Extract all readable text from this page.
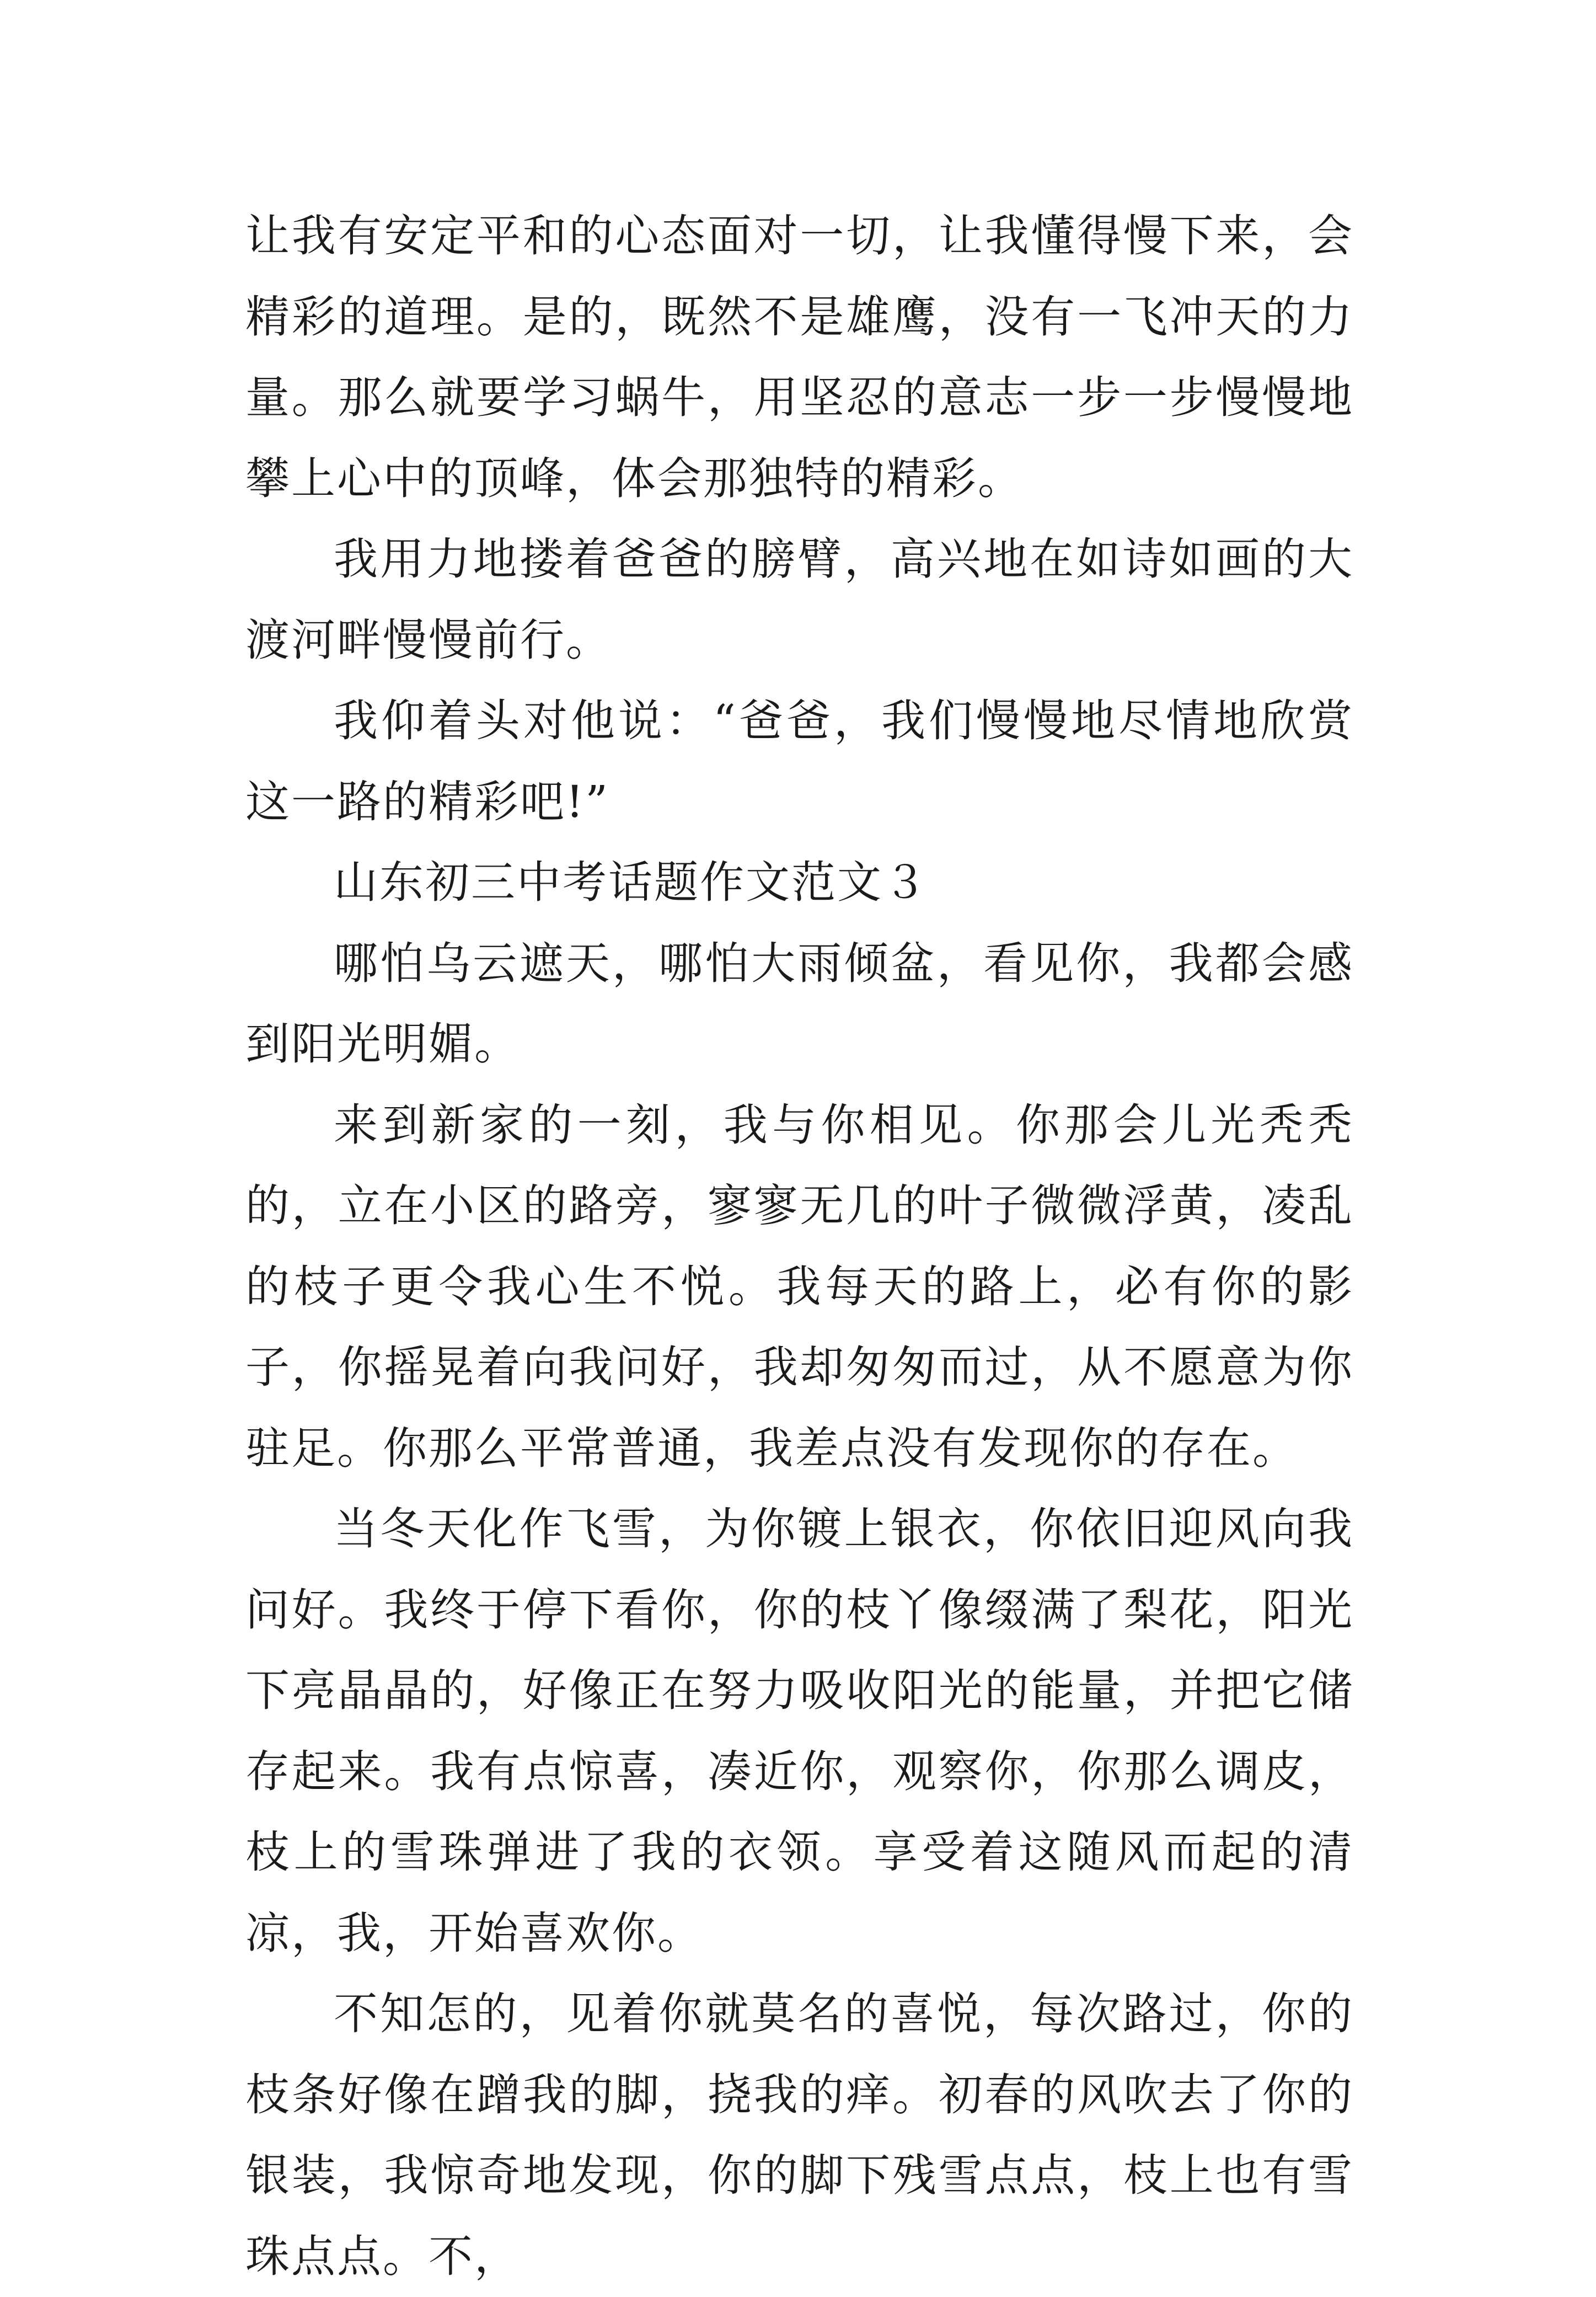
让我有安定平和的心态面对一切，让我懂得慢下来，会精彩的道理。是的，既然不是雄鹰，没有一飞冲天的力量。那么就要学习蜗牛，用坚忍的意志一步一步慢慢地攀上心中的顶峰，体会那独特的精彩。

我用力地搂着爸爸的膀臂，高兴地在如诗如画的大渡河畔慢慢前行。

我仰着头对他说：“爸爸，我们慢慢地尽情地欣赏这一路的精彩吧!”

山东初三中考话题作文范文３

哪怕乌云遮天，哪怕大雨倾盆，看见你，我都会感到阳光明媚。

来到新家的一刻，我与你相见。你那会儿光秃秃的，立在小区的路旁，寥寥无几的叶子微微浮黄，凌乱的枝子更令我心生不悦。我每天的路上，必有你的影子，你摇晃着向我问好，我却匆匆而过，从不愿意为你驻足。你那么平常普通，我差点没有发现你的存在。

当冬天化作飞雪，为你镀上银衣，你依旧迎风向我问好。我终于停下看你，你的枝丫像缀满了梨花，阳光下亮晶晶的，好像正在努力吸收阳光的能量，并把它储存起来。我有点惊喜，凑近你，观察你，你那么调皮，枝上的雪珠弹进了我的衣领。享受着这随风而起的清凉，我，开始喜欢你。

不知怎的，见着你就莫名的喜悦，每次路过，你的枝条好像在蹭我的脚，挠我的痒。初春的风吹去了你的银装，我惊奇地发现，你的脚下残雪点点，枝上也有雪珠点点。不，
